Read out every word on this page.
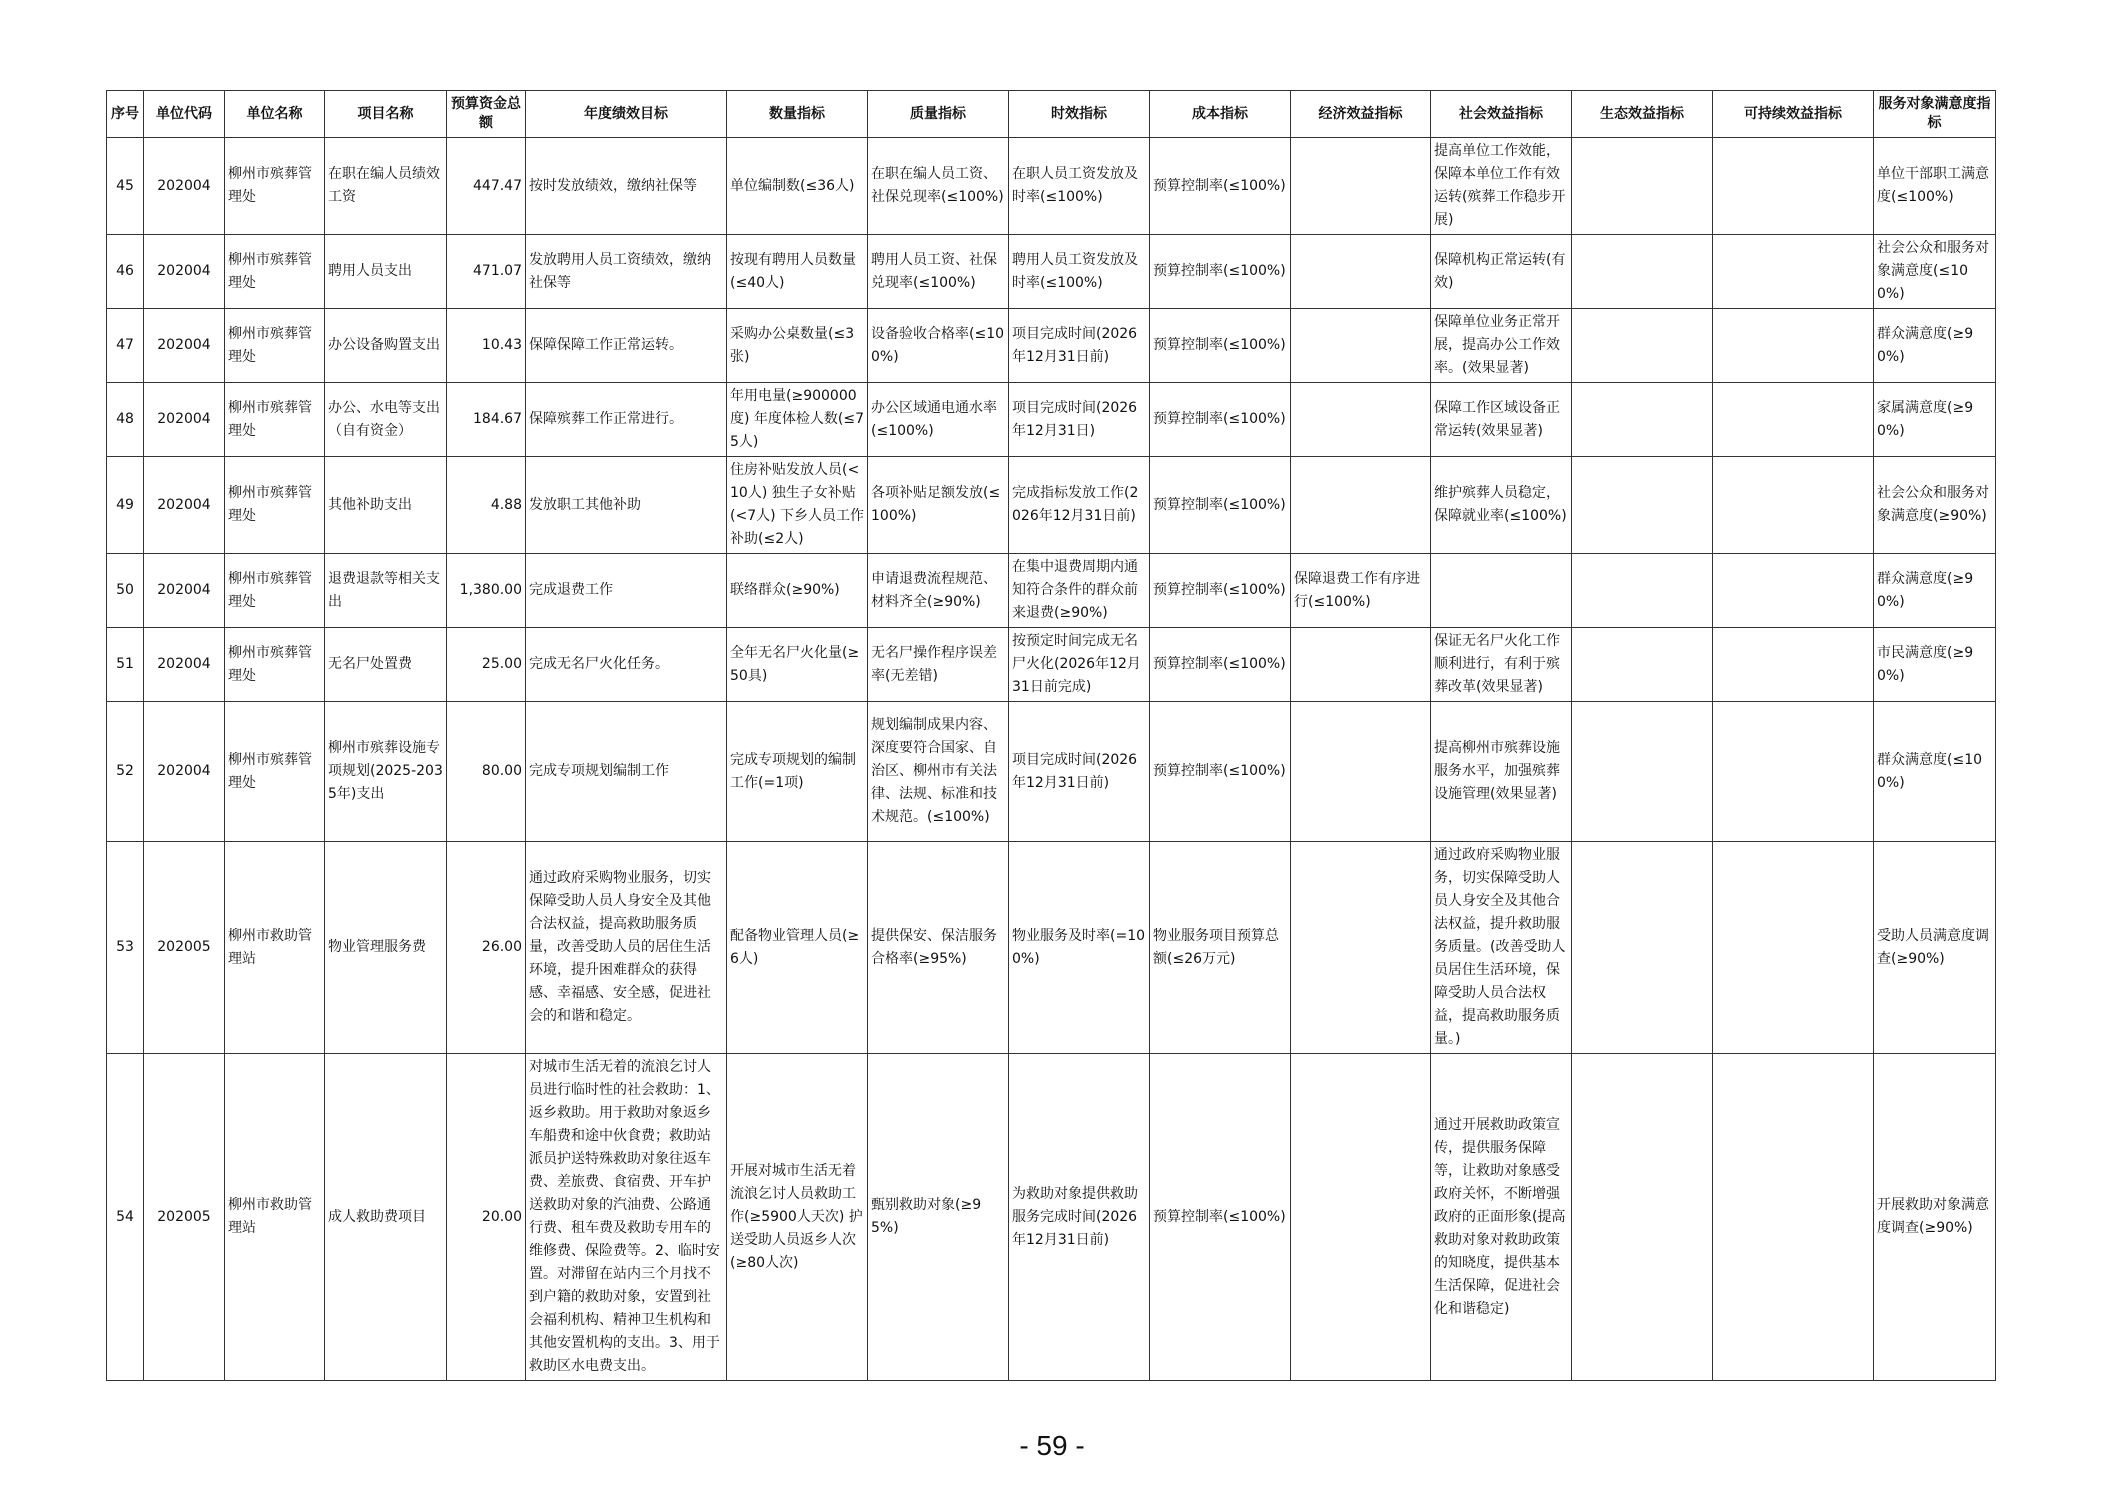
序号	单位代码	单位名称	项目名称	预算资金总额	年度绩效目标	数量指标	质量指标	时效指标	成本指标	经济效益指标	社会效益指标	生态效益指标	可持续效益指标	服务对象满意度指标
45	202004	柳州市殡葬管理处	在职在编人员绩效工资	447.47	按时发放绩效，缴纳社保等	单位编制数(≤36人)	在职在编人员工资、社保兑现率(≤100%)	在职人员工资发放及时率(≤100%)	预算控制率(≤100%)		提高单位工作效能，保障本单位工作有效运转(殡葬工作稳步开展)			单位干部职工满意度(≤100%)
46	202004	柳州市殡葬管理处	聘用人员支出	471.07	发放聘用人员工资绩效，缴纳社保等	按现有聘用人员数量(≤40人)	聘用人员工资、社保兑现率(≤100%)	聘用人员工资发放及时率(≤100%)	预算控制率(≤100%)		保障机构正常运转(有效)			社会公众和服务对象满意度(≤100%)
47	202004	柳州市殡葬管理处	办公设备购置支出	10.43	保障保障工作正常运转。	采购办公桌数量(≤3张)	设备验收合格率(≤100%)	项目完成时间(2026年12月31日前)	预算控制率(≤100%)		保障单位业务正常开展，提高办公工作效率。(效果显著)			群众满意度(≥90%)
48	202004	柳州市殡葬管理处	办公、水电等支出（自有资金）	184.67	保障殡葬工作正常进行。	年用电量(≥900000度) 年度体检人数(≤75人)	办公区域通电通水率(≤100%)	项目完成时间(2026年12月31日)	预算控制率(≤100%)		保障工作区域设备正常运转(效果显著)			家属满意度(≥90%)
49	202004	柳州市殡葬管理处	其他补助支出	4.88	发放职工其他补助	住房补贴发放人员(<10人) 独生子女补贴(<7人) 下乡人员工作补助(≤2人)	各项补贴足额发放(≤100%)	完成指标发放工作(2026年12月31日前)	预算控制率(≤100%)		维护殡葬人员稳定，保障就业率(≤100%)			社会公众和服务对象满意度(≥90%)
50	202004	柳州市殡葬管理处	退费退款等相关支出	1,380.00	完成退费工作	联络群众(≥90%)	申请退费流程规范、材料齐全(≥90%)	在集中退费周期内通知符合条件的群众前来退费(≥90%)	预算控制率(≤100%)	保障退费工作有序进行(≤100%)				群众满意度(≥90%)
51	202004	柳州市殡葬管理处	无名尸处置费	25.00	完成无名尸火化任务。	全年无名尸火化量(≥50具)	无名尸操作程序误差率(无差错)	按预定时间完成无名尸火化(2026年12月31日前完成)	预算控制率(≤100%)		保证无名尸火化工作顺利进行，有利于殡葬改革(效果显著)			市民满意度(≥90%)
52	202004	柳州市殡葬管理处	柳州市殡葬设施专项规划(2025-2035年)支出	80.00	完成专项规划编制工作	完成专项规划的编制工作(=1项)	规划编制成果内容、深度要符合国家、自治区、柳州市有关法律、法规、标准和技术规范。(≤100%)	项目完成时间(2026年12月31日前)	预算控制率(≤100%)		提高柳州市殡葬设施服务水平，加强殡葬设施管理(效果显著)			群众满意度(≤100%)
53	202005	柳州市救助管理站	物业管理服务费	26.00	通过政府采购物业服务，切实保障受助人员人身安全及其他合法权益，提高救助服务质量，改善受助人员的居住生活环境，提升困难群众的获得感、幸福感、安全感，促进社会的和谐和稳定。	配备物业管理人员(≥6人)	提供保安、保洁服务合格率(≥95%)	物业服务及时率(=100%)	物业服务项目预算总额(≤26万元)		通过政府采购物业服务，切实保障受助人员人身安全及其他合法权益，提升救助服务质量。(改善受助人员居住生活环境，保障受助人员合法权益，提高救助服务质量。)			受助人员满意度调查(≥90%)
54	202005	柳州市救助管理站	成人救助费项目	20.00	对城市生活无着的流浪乞讨人员进行临时性的社会救助：1、返乡救助。用于救助对象返乡车船费和途中伙食费；救助站派员护送特殊救助对象往返车费、差旅费、食宿费、开车护送救助对象的汽油费、公路通行费、租车费及救助专用车的维修费、保险费等。2、临时安置。对滞留在站内三个月找不到户籍的救助对象，安置到社会福利机构、精神卫生机构和其他安置机构的支出。3、用于救助区水电费支出。	开展对城市生活无着流浪乞讨人员救助工作(≥5900人天次) 护送受助人员返乡人次(≥80人次)	甄别救助对象(≥95%)	为救助对象提供救助服务完成时间(2026年12月31日前)	预算控制率(≤100%)		通过开展救助政策宣传，提供服务保障等，让救助对象感受政府关怀，不断增强政府的正面形象(提高救助对象对救助政策的知晓度，提供基本生活保障，促进社会化和谐稳定)			开展救助对象满意度调查(≥90%)
- 59 -
